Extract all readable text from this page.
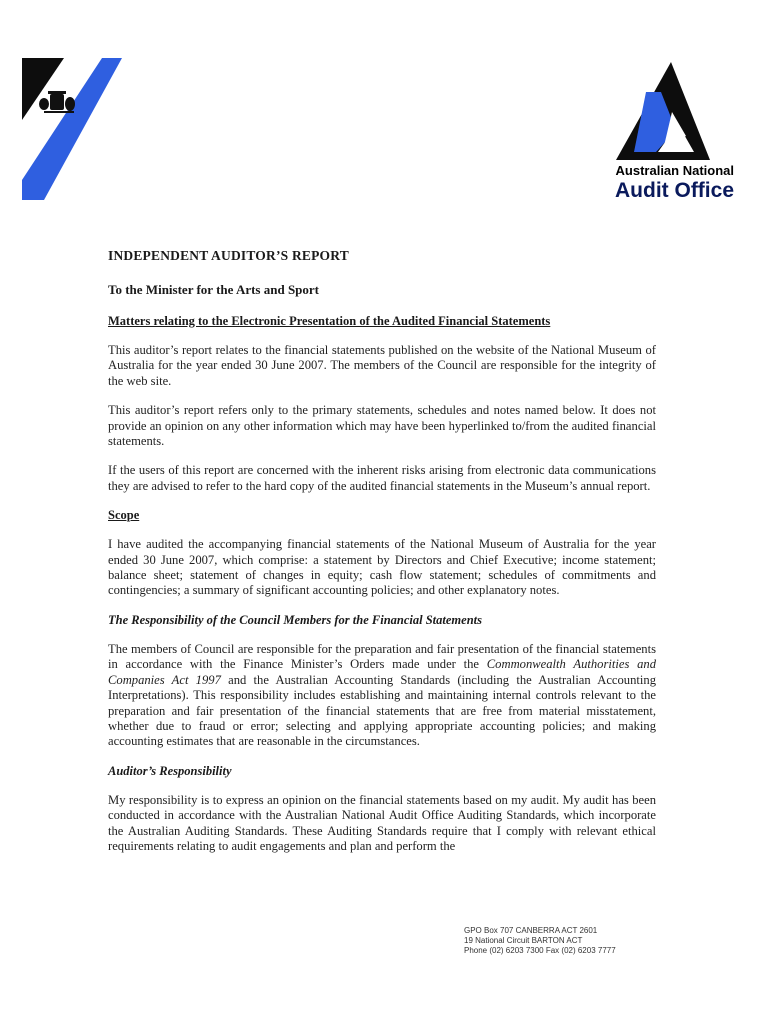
Australian National
Audit Office
INDEPENDENT AUDITOR’S REPORT
To the Minister for the Arts and Sport
Matters relating to the Electronic Presentation of the Audited Financial Statements

This auditor’s report relates to the financial statements published on the website of the National Museum of Australia for the year ended 30 June 2007. The members of the Council are responsible for the integrity of the web site.

This auditor’s report refers only to the primary statements, schedules and notes named below. It does not provide an opinion on any other information which may have been hyperlinked to/from the audited financial statements.

If the users of this report are concerned with the inherent risks arising from electronic data communications they are advised to refer to the hard copy of the audited financial statements in the Museum’s annual report.

Scope

I have audited the accompanying financial statements of the National Museum of Australia for the year ended 30 June 2007, which comprise: a statement by Directors and Chief Executive; income statement; balance sheet; statement of changes in equity; cash flow statement; schedules of commitments and contingencies; a summary of significant accounting policies; and other explanatory notes.

The Responsibility of the Council Members for the Financial Statements

The members of Council are responsible for the preparation and fair presentation of the financial statements in accordance with the Finance Minister’s Orders made under the Commonwealth Authorities and Companies Act 1997 and the Australian Accounting Standards (including the Australian Accounting Interpretations). This responsibility includes establishing and maintaining internal controls relevant to the preparation and fair presentation of the financial statements that are free from material misstatement, whether due to fraud or error; selecting and applying appropriate accounting policies; and making accounting estimates that are reasonable in the circumstances.

Auditor’s Responsibility

My responsibility is to express an opinion on the financial statements based on my audit. My audit has been conducted in accordance with the Australian National Audit Office Auditing Standards, which incorporate the Australian Auditing Standards. These Auditing Standards require that I comply with relevant ethical requirements relating to audit engagements and plan and perform the

GPO Box 707 CANBERRA ACT 2601
19 National Circuit BARTON ACT
Phone (02) 6203 7300 Fax (02) 6203 7777
